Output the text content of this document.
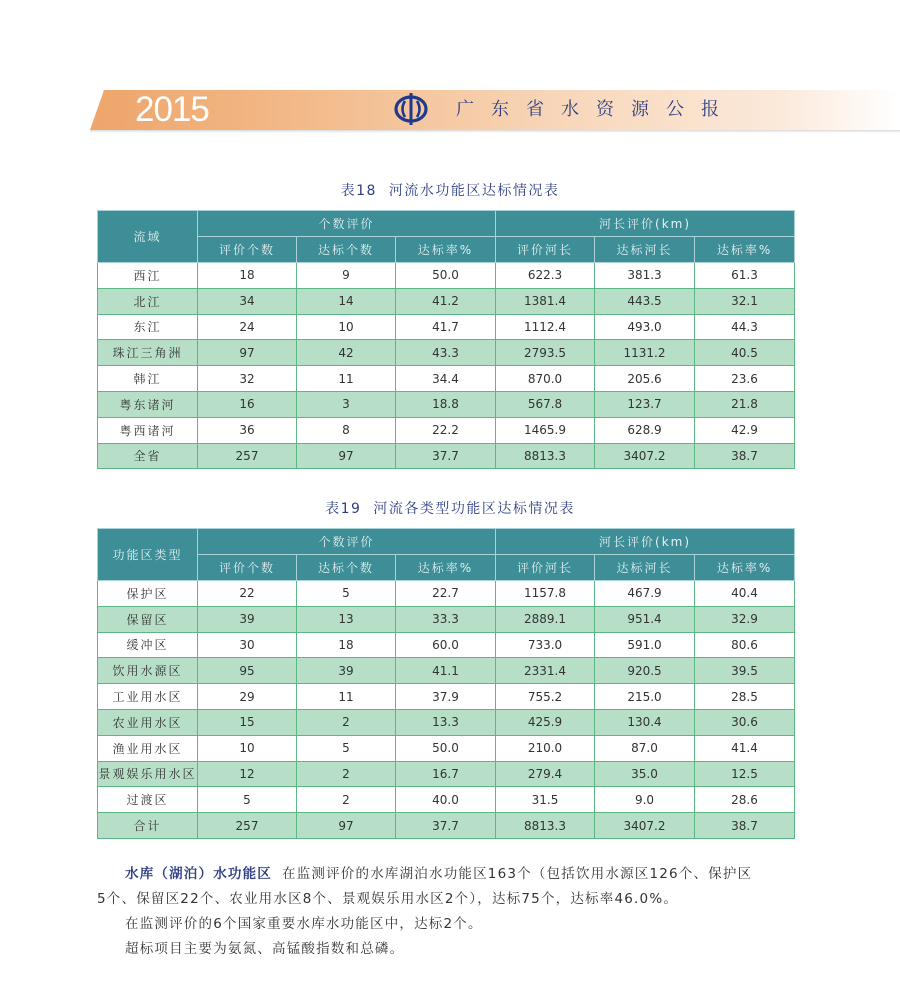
2015	广东省水资源公报
表18 河流水功能区达标情况表
流域	个数评价			河长评价(km)		
	评价个数	达标个数	达标率%	评价河长	达标河长	达标率%
西江	18	9	50.0	622.3	381.3	61.3
北江	34	14	41.2	1381.4	443.5	32.1
东江	24	10	41.7	1112.4	493.0	44.3
珠江三角洲	97	42	43.3	2793.5	1131.2	40.5
韩江	32	11	34.4	870.0	205.6	23.6
粤东诸河	16	3	18.8	567.8	123.7	21.8
粤西诸河	36	8	22.2	1465.9	628.9	42.9
全省	257	97	37.7	8813.3	3407.2	38.7
表19 河流各类型功能区达标情况表
功能区类型	个数评价			河长评价(km)		
	评价个数	达标个数	达标率%	评价河长	达标河长	达标率%
保护区	22	5	22.7	1157.8	467.9	40.4
保留区	39	13	33.3	2889.1	951.4	32.9
缓冲区	30	18	60.0	733.0	591.0	80.6
饮用水源区	95	39	41.1	2331.4	920.5	39.5
工业用水区	29	11	37.9	755.2	215.0	28.5
农业用水区	15	2	13.3	425.9	130.4	30.6
渔业用水区	10	5	50.0	210.0	87.0	41.4
景观娱乐用水区	12	2	16.7	279.4	35.0	12.5
过渡区	5	2	40.0	31.5	9.0	28.6
合计	257	97	37.7	8813.3	3407.2	38.7
水库（湖泊）水功能区 在监测评价的水库湖泊水功能区163个（包括饮用水源区126个、保护区
5个、保留区22个、农业用水区8个、景观娱乐用水区2个），达标75个，达标率46.0%。
在监测评价的6个国家重要水库水功能区中，达标2个。
超标项目主要为氨氮、高锰酸指数和总磷。
